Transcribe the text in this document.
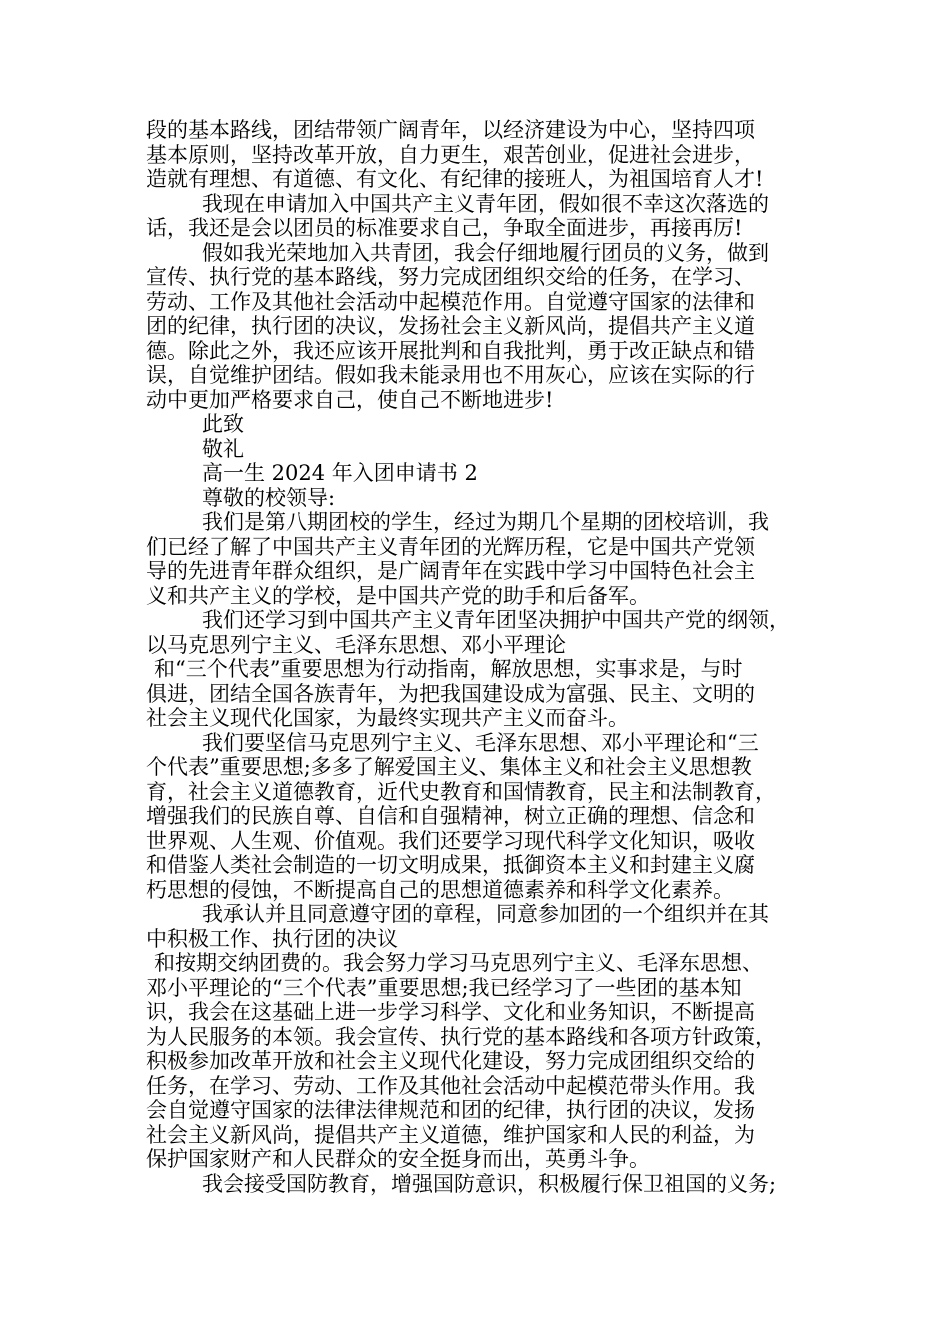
段的基本路线，团结带领广阔青年，以经济建设为中心，坚持四项
基本原则，坚持改革开放，自力更生，艰苦创业，促进社会进步，
造就有理想、有道德、有文化、有纪律的接班人，为祖国培育人才!
我现在申请加入中国共产主义青年团，假如很不幸这次落选的
话，我还是会以团员的标准要求自己，争取全面进步，再接再厉!
假如我光荣地加入共青团，我会仔细地履行团员的义务，做到
宣传、执行党的基本路线，努力完成团组织交给的任务，在学习、
劳动、工作及其他社会活动中起模范作用。自觉遵守国家的法律和
团的纪律，执行团的决议，发扬社会主义新风尚，提倡共产主义道
德。除此之外，我还应该开展批判和自我批判，勇于改正缺点和错
误，自觉维护团结。假如我未能录用也不用灰心，应该在实际的行
动中更加严格要求自己，使自己不断地进步!
此致
敬礼
高一生 2024 年入团申请书 2
尊敬的校领导:
我们是第八期团校的学生，经过为期几个星期的团校培训，我
们已经了解了中国共产主义青年团的光辉历程，它是中国共产党领
导的先进青年群众组织，是广阔青年在实践中学习中国特色社会主
义和共产主义的学校，是中国共产党的助手和后备军。
我们还学习到中国共产主义青年团坚决拥护中国共产党的纲领，
以马克思列宁主义、毛泽东思想、邓小平理论
和“三个代表”重要思想为行动指南，解放思想，实事求是，与时
俱进，团结全国各族青年，为把我国建设成为富强、民主、文明的
社会主义现代化国家，为最终实现共产主义而奋斗。
我们要坚信马克思列宁主义、毛泽东思想、邓小平理论和“三
个代表”重要思想;多多了解爱国主义、集体主义和社会主义思想教
育，社会主义道德教育，近代史教育和国情教育，民主和法制教育，
增强我们的民族自尊、自信和自强精神，树立正确的理想、信念和
世界观、人生观、价值观。我们还要学习现代科学文化知识，吸收
和借鉴人类社会制造的一切文明成果，抵御资本主义和封建主义腐
朽思想的侵蚀，不断提高自己的思想道德素养和科学文化素养。
我承认并且同意遵守团的章程，同意参加团的一个组织并在其
中积极工作、执行团的决议
和按期交纳团费的。我会努力学习马克思列宁主义、毛泽东思想、
邓小平理论的“三个代表”重要思想;我已经学习了一些团的基本知
识，我会在这基础上进一步学习科学、文化和业务知识，不断提高
为人民服务的本领。我会宣传、执行党的基本路线和各项方针政策，
积极参加改革开放和社会主义现代化建设，努力完成团组织交给的
任务，在学习、劳动、工作及其他社会活动中起模范带头作用。我
会自觉遵守国家的法律法律规范和团的纪律，执行团的决议，发扬
社会主义新风尚，提倡共产主义道德，维护国家和人民的利益，为
保护国家财产和人民群众的安全挺身而出，英勇斗争。
我会接受国防教育，增强国防意识，积极履行保卫祖国的义务;
